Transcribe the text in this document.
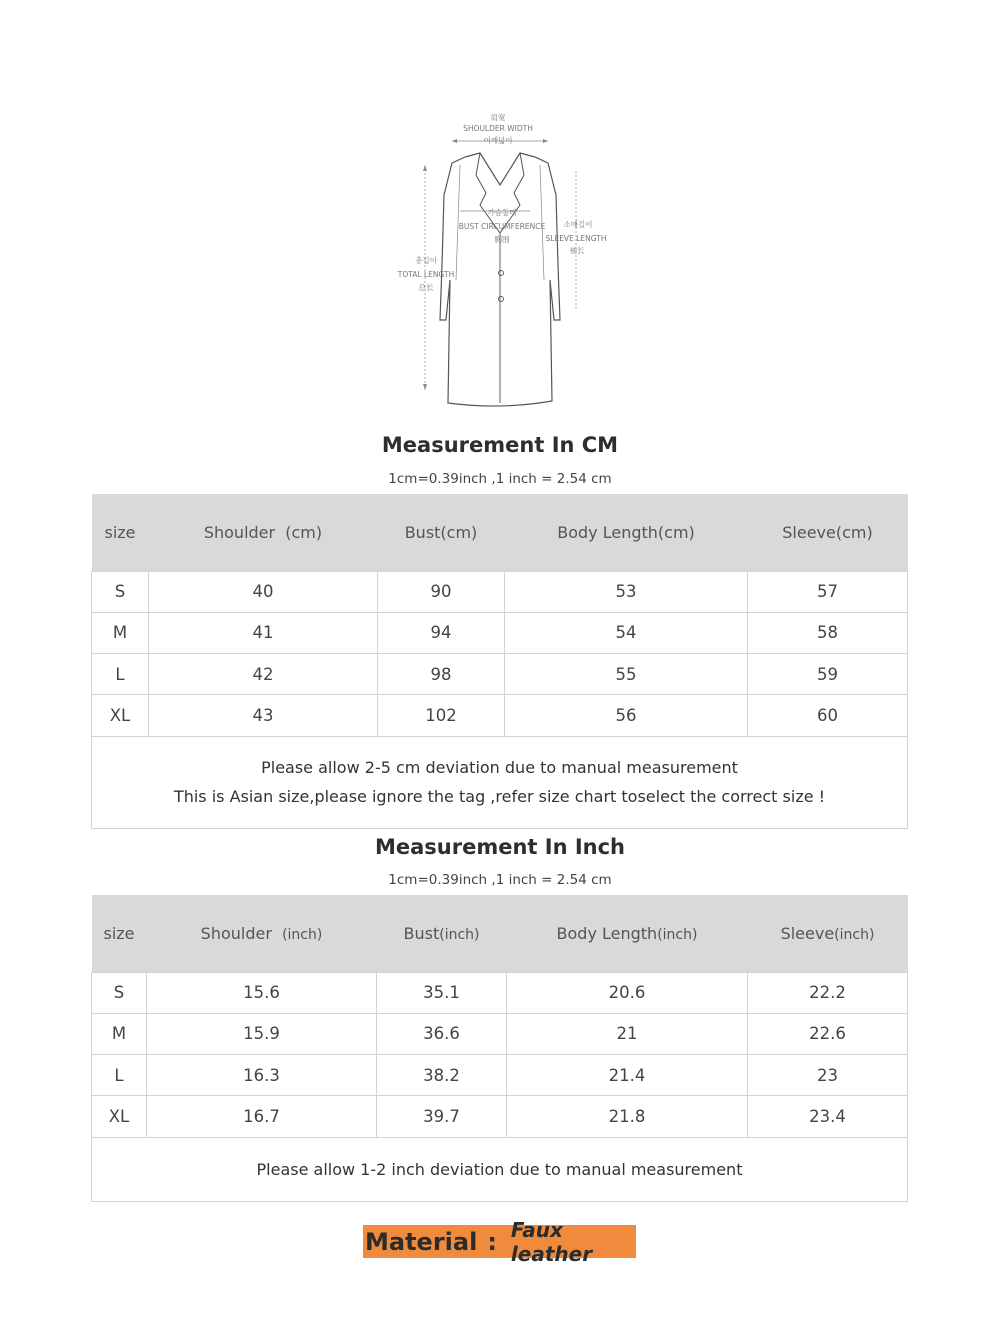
肩宽
SHOULDER WIDTH
어깨넓이
가슴둘레
BUST CIRCUMFERENCE
胸围
소매길이
SLEEVE LENGTH
袖长
총길이
TOTAL LENGTH
总长
Measurement In CM
1cm=0.39inch ,1 inch = 2.54 cm
size	Shoulder  (cm)	Bust(cm)	Body Length(cm)	Sleeve(cm)
S	40	90	53	57
M	41	94	54	58
L	42	98	55	59
XL	43	102	56	60

Please allow 2-5 cm deviation due to manual measurement
This is Asian size,please ignore the tag ,refer size chart toselect the correct size !				
Measurement In Inch
1cm=0.39inch ,1 inch = 2.54 cm
size	Shoulder  (inch)	Bust(inch)	Body Length(inch)	Sleeve(inch)
S	15.6	35.1	20.6	22.2
M	15.9	36.6	21	22.6
L	16.3	38.2	21.4	23
XL	16.7	39.7	21.8	23.4
Please allow 1-2 inch deviation due to manual measurement				
Material : Faux leather
